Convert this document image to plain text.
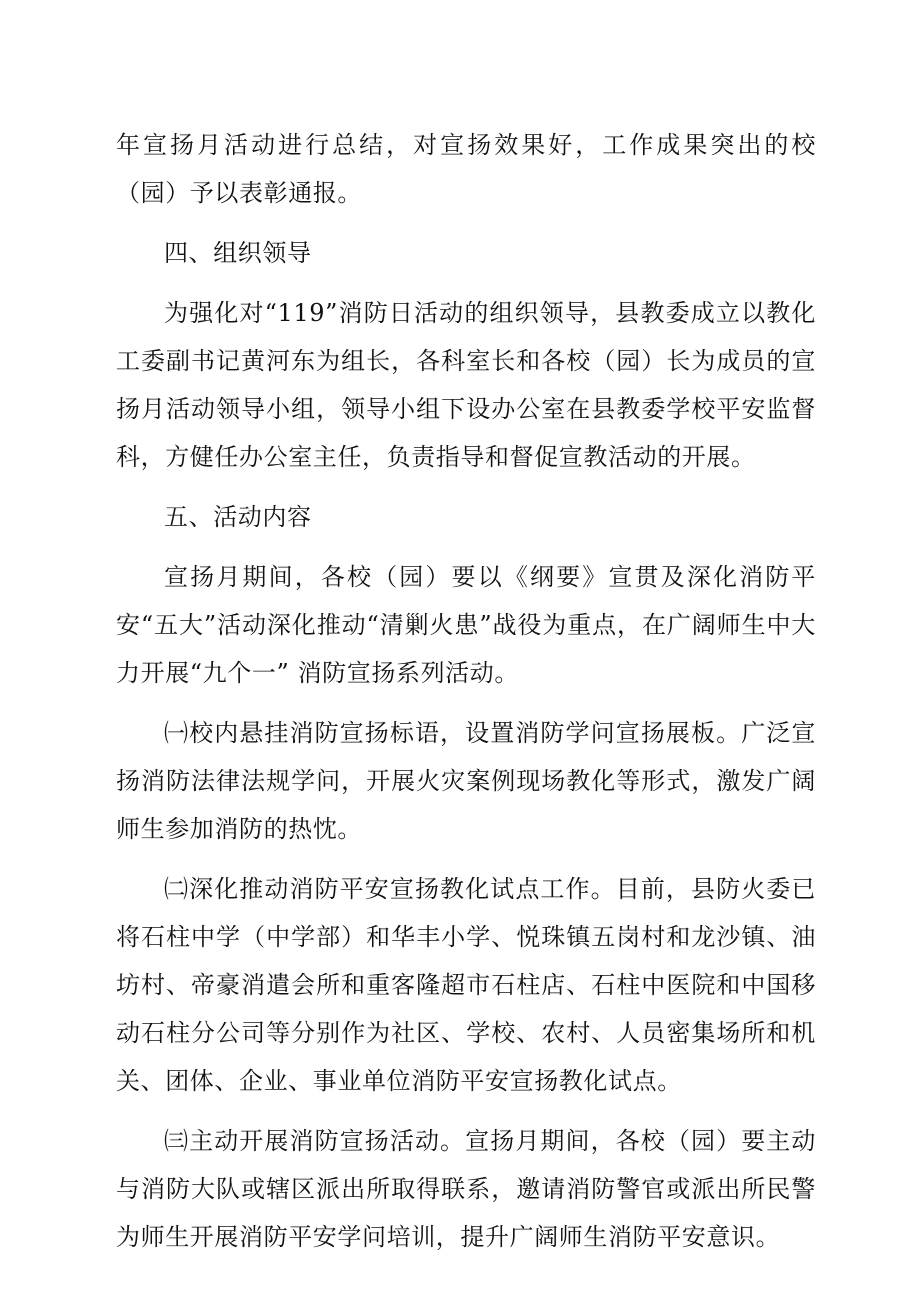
年宣扬月活动进行总结，对宣扬效果好，工作成果突出的校（园）予以表彰通报。

四、组织领导

为强化对“119”消防日活动的组织领导，县教委成立以教化工委副书记黄河东为组长，各科室长和各校（园）长为成员的宣扬月活动领导小组，领导小组下设办公室在县教委学校平安监督科，方健任办公室主任，负责指导和督促宣教活动的开展。

五、活动内容

宣扬月期间，各校（园）要以《纲要》宣贯及深化消防平安“五大”活动深化推动“清剿火患”战役为重点，在广阔师生中大力开展“九个一” 消防宣扬系列活动。

㈠校内悬挂消防宣扬标语，设置消防学问宣扬展板。广泛宣扬消防法律法规学问，开展火灾案例现场教化等形式，激发广阔师生参加消防的热忱。

㈡深化推动消防平安宣扬教化试点工作。目前，县防火委已将石柱中学（中学部）和华丰小学、悦珠镇五岗村和龙沙镇、油坊村、帝豪消遣会所和重客隆超市石柱店、石柱中医院和中国移动石柱分公司等分别作为社区、学校、农村、人员密集场所和机关、团体、企业、事业单位消防平安宣扬教化试点。

㈢主动开展消防宣扬活动。宣扬月期间，各校（园）要主动与消防大队或辖区派出所取得联系，邀请消防警官或派出所民警为师生开展消防平安学问培训，提升广阔师生消防平安意识。
